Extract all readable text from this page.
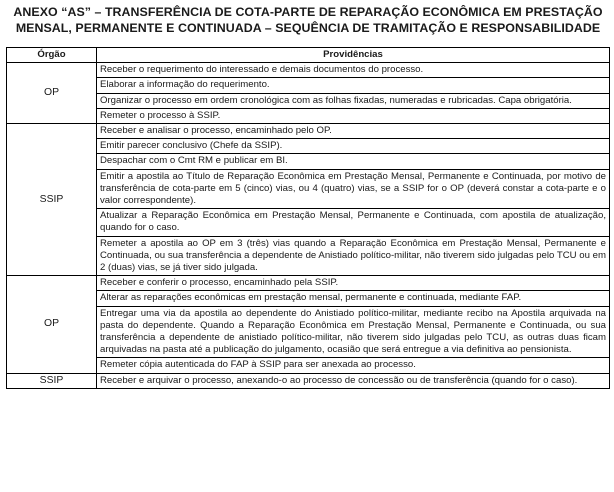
ANEXO “AS” – TRANSFERÊNCIA DE COTA-PARTE DE REPARAÇÃO ECONÔMICA EM PRESTAÇÃO
MENSAL, PERMANENTE E CONTINUADA – SEQUÊNCIA DE TRAMITAÇÃO E RESPONSABILIDADE
Órgão	Providências
OP	Receber o requerimento do interessado e demais documentos do processo.
	Elaborar a informação do requerimento.
	Organizar o processo em ordem cronológica com as folhas fixadas, numeradas e rubricadas. Capa obrigatória.
	Remeter o processo à SSIP.
SSIP	Receber e analisar o processo, encaminhado pelo OP.
	Emitir parecer conclusivo (Chefe da SSIP).
	Despachar com o Cmt RM e publicar em BI.
	Emitir a apostila ao Título de Reparação Econômica em Prestação Mensal, Permanente e Continuada, por motivo de transferência de cota-parte em 5 (cinco) vias, ou 4 (quatro) vias, se a SSIP for o OP (deverá constar a cota-parte e o valor correspondente).
	Atualizar a Reparação Econômica em Prestação Mensal, Permanente e Continuada, com apostila de atualização, quando for o caso.
	Remeter a apostila ao OP em 3 (três) vias quando a Reparação Econômica em Prestação Mensal, Permanente e Continuada, ou sua transferência a dependente de Anistiado político-militar, não tiverem sido julgadas pelo TCU ou em 2 (duas) vias, se já tiver sido julgada.
OP	Receber e conferir o processo, encaminhado pela SSIP.
	Alterar as reparações econômicas em prestação mensal, permanente e continuada, mediante FAP.
	Entregar uma via da apostila ao dependente do Anistiado político-militar, mediante recibo na Apostila arquivada na pasta do dependente. Quando a Reparação Econômica em Prestação Mensal, Permanente e Continuada, ou sua transferência a dependente de anistiado político-militar, não tiverem sido julgadas pelo TCU, as outras duas ficam arquivadas na pasta até a publicação do julgamento, ocasião que será entregue a via definitiva ao pensionista.
	Remeter cópia autenticada do FAP à SSIP para ser anexada ao processo.
SSIP	Receber e arquivar o processo, anexando-o ao processo de concessão ou de transferência (quando for o caso).
